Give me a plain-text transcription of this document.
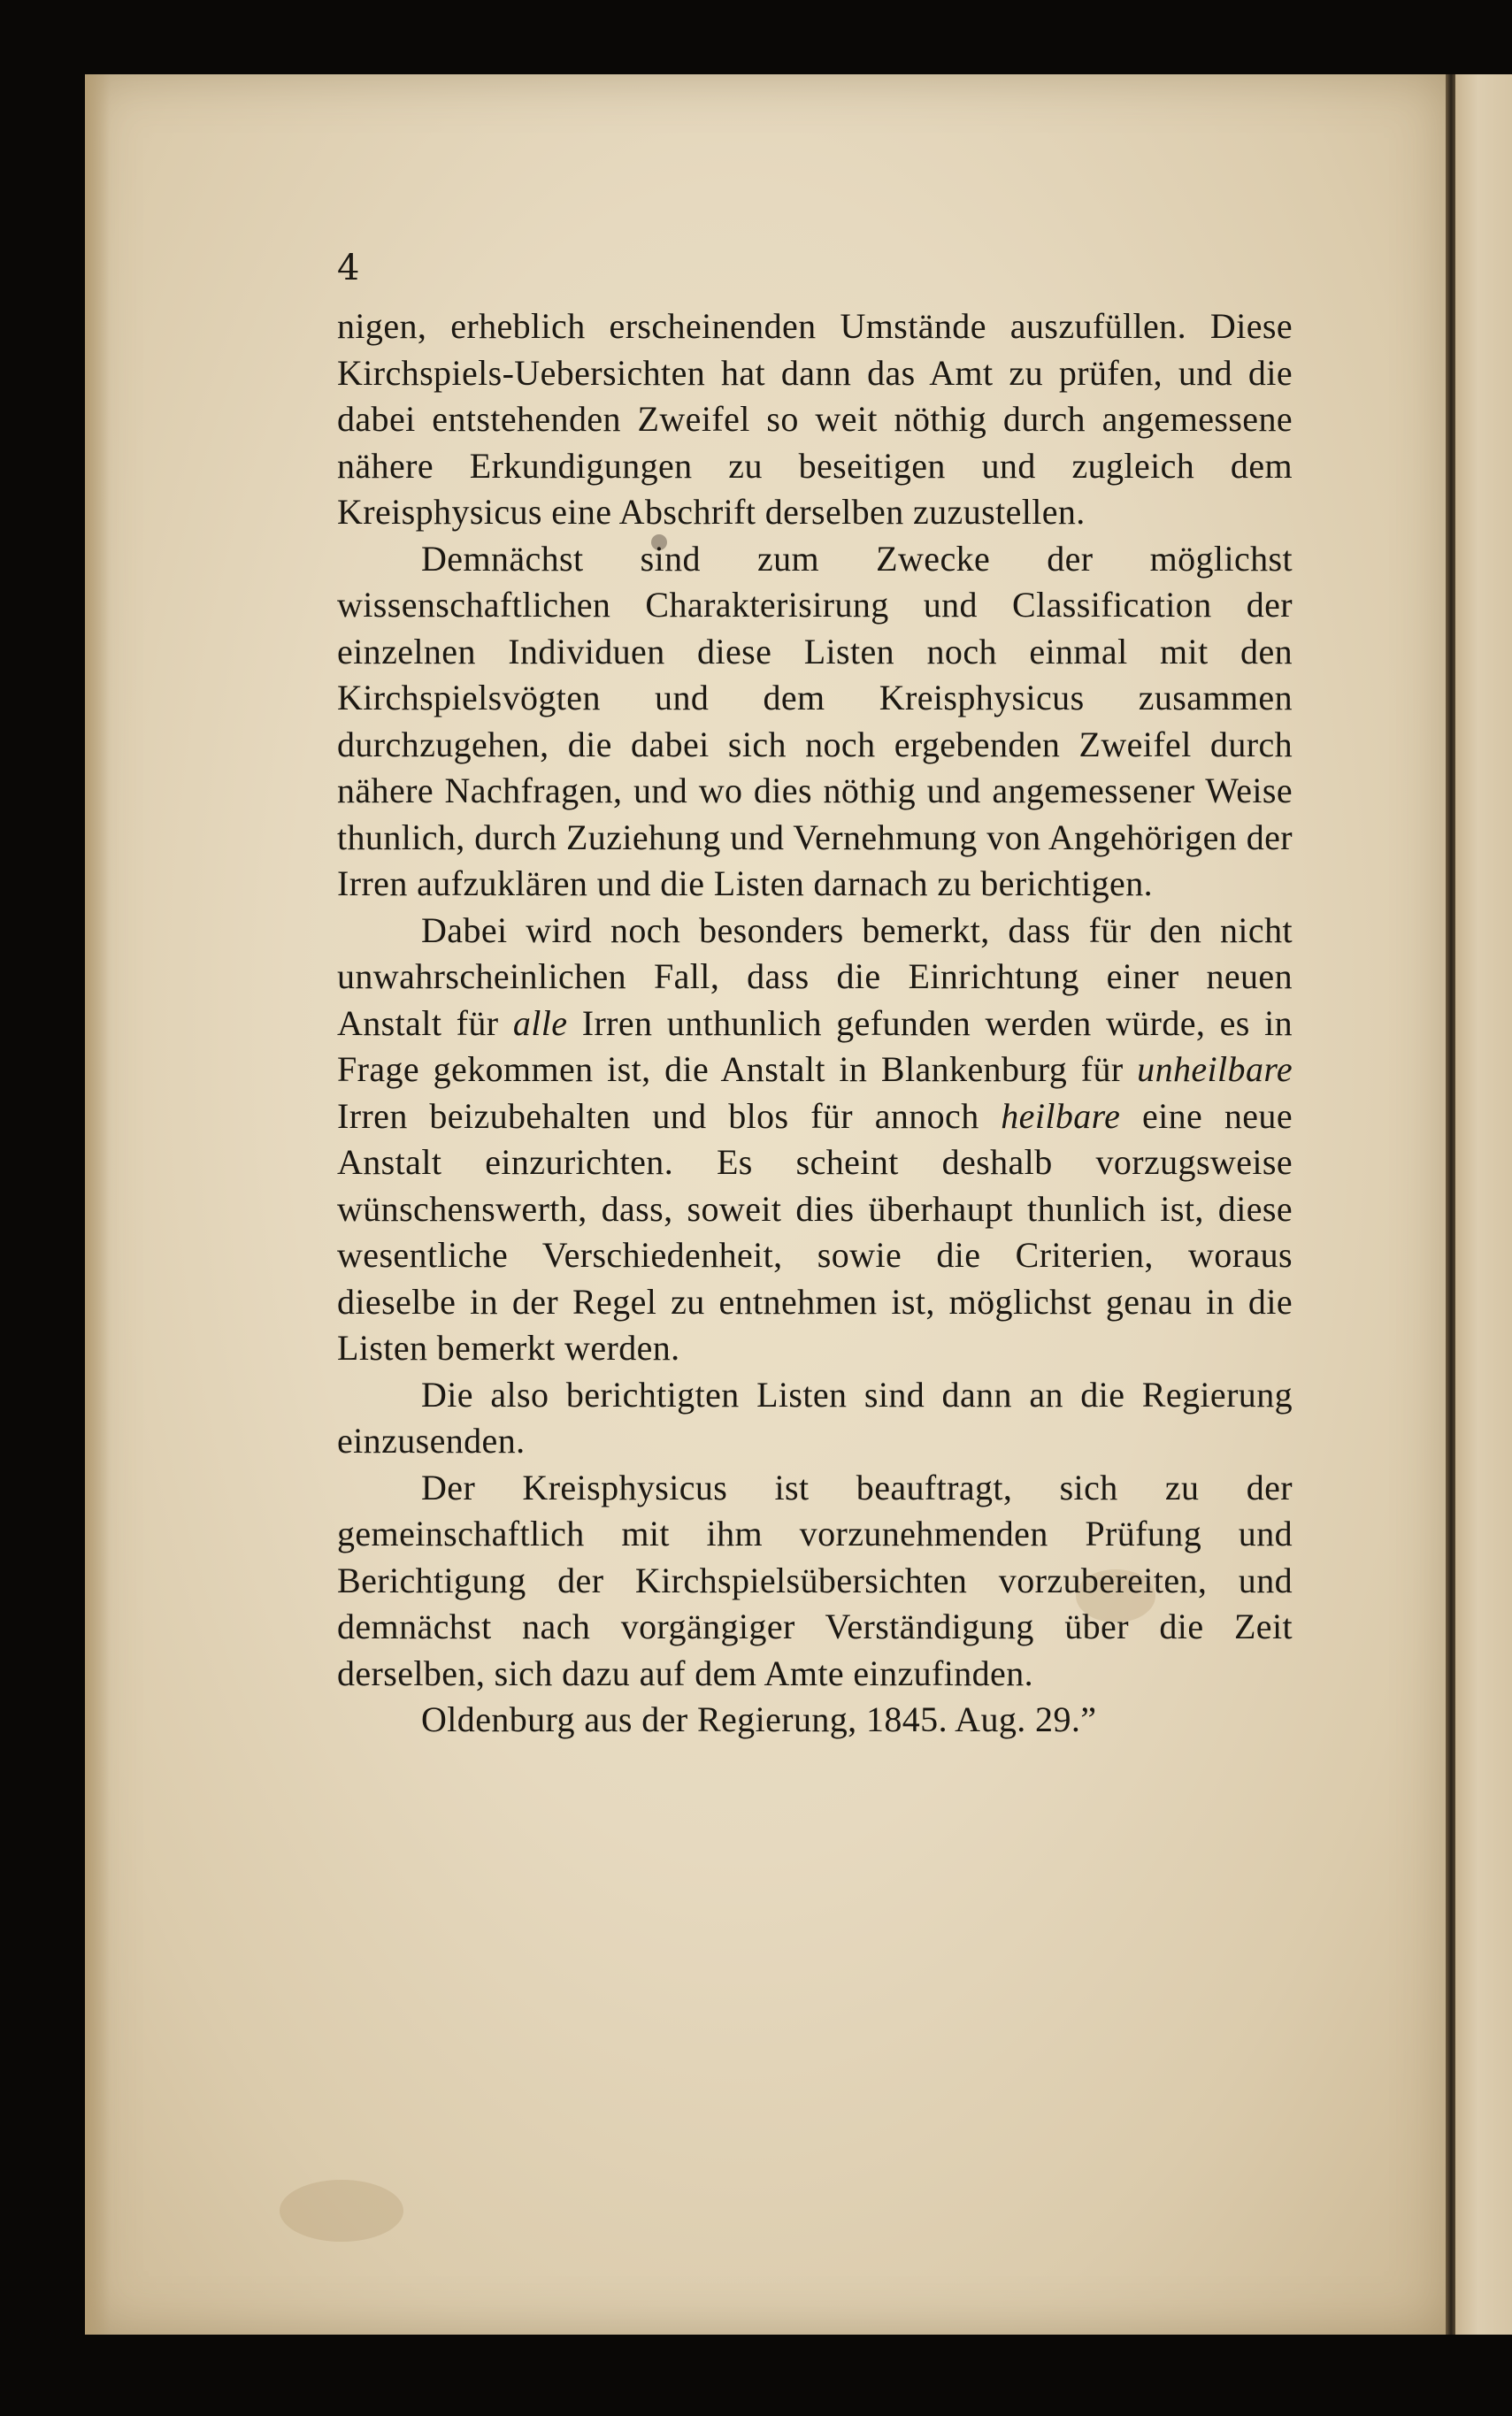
4

nigen, erheblich erscheinenden Umstände auszufüllen. Diese Kirchspiels-Uebersichten hat dann das Amt zu prüfen, und die dabei entstehenden Zweifel so weit nöthig durch angemessene nähere Erkundigungen zu beseitigen und zugleich dem Kreisphysicus eine Abschrift derselben zuzustellen.

Demnächst sind zum Zwecke der möglichst wissenschaftlichen Charakterisirung und Classification der einzelnen Individuen diese Listen noch einmal mit den Kirchspielsvögten und dem Kreisphysicus zusammen durchzugehen, die dabei sich noch ergebenden Zweifel durch nähere Nachfragen, und wo dies nöthig und angemessener Weise thunlich, durch Zuziehung und Vernehmung von Angehörigen der Irren aufzuklären und die Listen darnach zu berichtigen.

Dabei wird noch besonders bemerkt, dass für den nicht unwahrscheinlichen Fall, dass die Einrichtung einer neuen Anstalt für alle Irren unthunlich gefunden werden würde, es in Frage gekommen ist, die Anstalt in Blankenburg für unheilbare Irren beizubehalten und blos für annoch heilbare eine neue Anstalt einzurichten. Es scheint deshalb vorzugsweise wünschenswerth, dass, soweit dies überhaupt thunlich ist, diese wesentliche Verschiedenheit, sowie die Criterien, woraus dieselbe in der Regel zu entnehmen ist, möglichst genau in die Listen bemerkt werden.

Die also berichtigten Listen sind dann an die Regierung einzusenden.

Der Kreisphysicus ist beauftragt, sich zu der gemeinschaftlich mit ihm vorzunehmenden Prüfung und Berichtigung der Kirchspielsübersichten vorzubereiten, und demnächst nach vorgängiger Verständigung über die Zeit derselben, sich dazu auf dem Amte einzufinden.

Oldenburg aus der Regierung, 1845. Aug. 29.”
